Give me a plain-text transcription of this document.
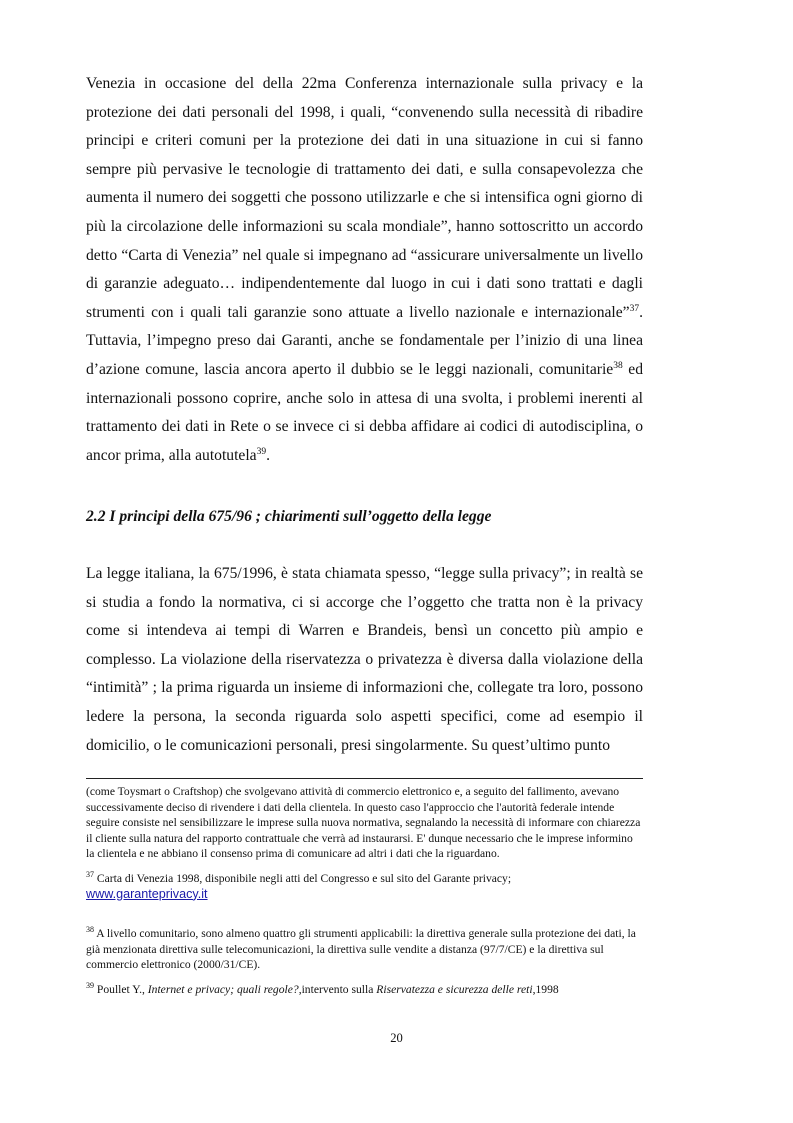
Venezia in occasione del della 22ma Conferenza internazionale sulla privacy e la protezione dei dati personali del 1998, i quali, “convenendo sulla necessità di ribadire principi e criteri comuni per la protezione dei dati in una situazione in cui si fanno sempre più pervasive le tecnologie di trattamento dei dati, e sulla consapevolezza che aumenta il numero dei soggetti che possono utilizzarle e che si intensifica ogni giorno di più la circolazione delle informazioni su scala mondiale”, hanno sottoscritto un accordo detto “Carta di Venezia” nel quale si impegnano ad “assicurare universalmente un livello di garanzie adeguato… indipendentemente dal luogo in cui i dati sono trattati e dagli strumenti con i quali tali garanzie sono attuate a livello nazionale e internazionale”$^{37}$. Tuttavia, l’impegno preso dai Garanti, anche se fondamentale per l’inizio di una linea d’azione comune, lascia ancora aperto il dubbio se le leggi nazionali, comunitarie$^{38}$ ed internazionali possono coprire, anche solo in attesa di una svolta, i problemi inerenti al trattamento dei dati in Rete o se invece ci si debba affidare ai codici di autodisciplina, o ancor prima, alla autotutela$^{39}$.

2.2 I principi della 675/96 ; chiarimenti sull’oggetto della legge

La legge italiana, la 675/1996, è stata chiamata spesso, “legge sulla privacy”; in realtà se si studia a fondo la normativa, ci si accorge che l’oggetto che tratta non è la privacy come si intendeva ai tempi di Warren e Brandeis, bensì un concetto più ampio e complesso. La violazione della riservatezza o privatezza è diversa dalla violazione della “intimità” ; la prima riguarda un insieme di informazioni che, collegate tra loro, possono ledere la persona, la seconda riguarda solo aspetti specifici, come ad esempio il domicilio, o le comunicazioni personali, presi singolarmente. Su quest’ultimo punto

(come Toysmart o Craftshop) che svolgevano attività di commercio elettronico e, a seguito del fallimento, avevano successivamente deciso di rivendere i dati della clientela. In questo caso l'approccio che l'autorità federale intende seguire consiste nel sensibilizzare le imprese sulla nuova normativa, segnalando la necessità di informare con chiarezza il cliente sulla natura del rapporto contrattuale che verrà ad instaurarsi. E' dunque necessario che le imprese informino la clientela e ne abbiano il consenso prima di comunicare ad altri i dati che la riguardano.

$^{37}$ Carta di Venezia 1998, disponibile negli atti del Congresso e sul sito del Garante privacy;
www.garanteprivacy.it

$^{38}$ A livello comunitario, sono almeno quattro gli strumenti applicabili: la direttiva generale sulla protezione dei dati, la già menzionata direttiva sulle telecomunicazioni, la direttiva sulle vendite a distanza (97/7/CE) e la direttiva sul commercio elettronico (2000/31/CE).

$^{39}$ Poullet Y., Internet e privacy; quali regole?,intervento sulla Riservatezza e sicurezza delle reti,1998

20
